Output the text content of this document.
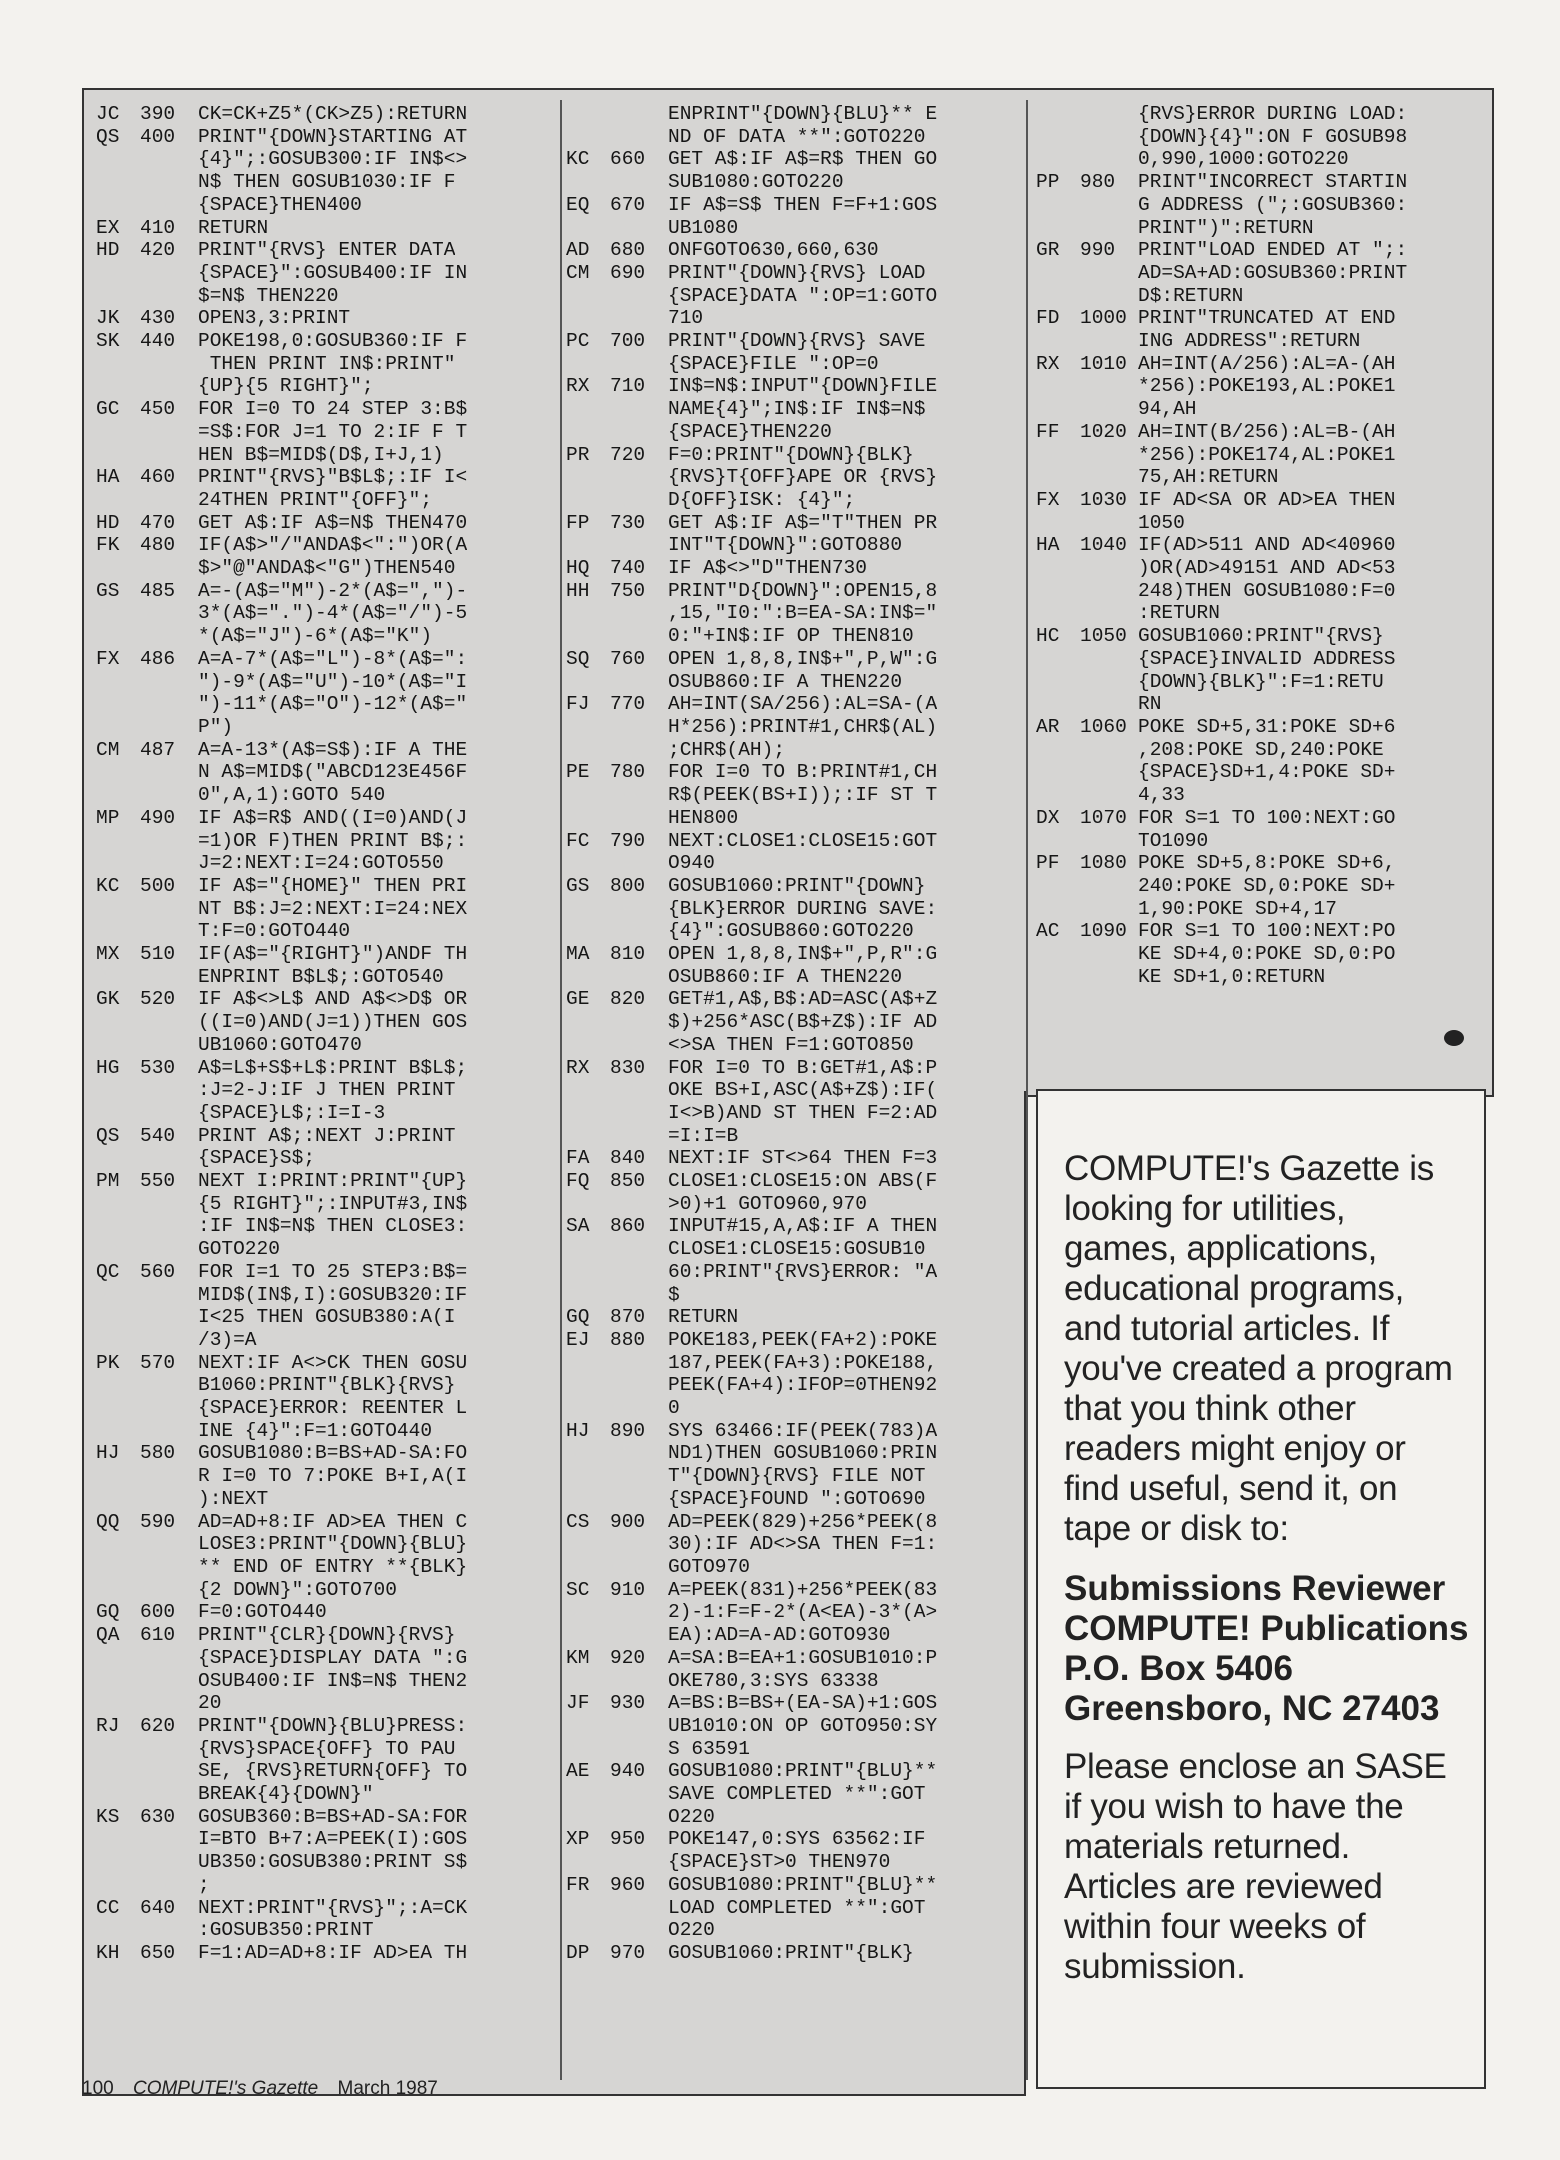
JC	390	CK=CK+Z5*(CK>Z5):RETURN
QS	400	PRINT"{DOWN}STARTING AT
{4}";:GOSUB300:IF IN$<>
N$ THEN GOSUB1030:IF F
{SPACE}THEN400
EX	410	RETURN
HD	420	PRINT"{RVS} ENTER DATA
{SPACE}":GOSUB400:IF IN
$=N$ THEN220
JK	430	OPEN3,3:PRINT
SK	440	POKE198,0:GOSUB360:IF F
THEN PRINT IN$:PRINT"
{UP}{5 RIGHT}";
GC	450	FOR I=0 TO 24 STEP 3:B$
=S$:FOR J=1 TO 2:IF F T
HEN B$=MID$(D$,I+J,1)
HA	460	PRINT"{RVS}"B$L$;:IF I<
24THEN PRINT"{OFF}";
HD	470	GET A$:IF A$=N$ THEN470
FK	480	IF(A$>"/"ANDA$<":")OR(A
$>"@"ANDA$<"G")THEN540
GS	485	A=-(A$="M")-2*(A$=",")-
3*(A$=".")-4*(A$="/")-5
*(A$="J")-6*(A$="K")
FX	486	A=A-7*(A$="L")-8*(A$=":
")-9*(A$="U")-10*(A$="I
")-11*(A$="O")-12*(A$="
P")
CM	487	A=A-13*(A$=S$):IF A THE
N A$=MID$("ABCD123E456F
0",A,1):GOTO 540
MP	490	IF A$=R$ AND((I=0)AND(J
=1)OR F)THEN PRINT B$;:
J=2:NEXT:I=24:GOTO550
KC	500	IF A$="{HOME}" THEN PRI
NT B$:J=2:NEXT:I=24:NEX
T:F=0:GOTO440
MX	510	IF(A$="{RIGHT}")ANDF TH
ENPRINT B$L$;:GOTO540
GK	520	IF A$<>L$ AND A$<>D$ OR
((I=0)AND(J=1))THEN GOS
UB1060:GOTO470
HG	530	A$=L$+S$+L$:PRINT B$L$;
:J=2-J:IF J THEN PRINT
{SPACE}L$;:I=I-3
QS	540	PRINT A$;:NEXT J:PRINT
{SPACE}S$;
PM	550	NEXT I:PRINT:PRINT"{UP}
{5 RIGHT}";:INPUT#3,IN$
:IF IN$=N$ THEN CLOSE3:
GOTO220
QC	560	FOR I=1 TO 25 STEP3:B$=
MID$(IN$,I):GOSUB320:IF
I<25 THEN GOSUB380:A(I
/3)=A
PK	570	NEXT:IF A<>CK THEN GOSU
B1060:PRINT"{BLK}{RVS}
{SPACE}ERROR: REENTER L
INE {4}":F=1:GOTO440
HJ	580	GOSUB1080:B=BS+AD-SA:FO
R I=0 TO 7:POKE B+I,A(I
):NEXT
QQ	590	AD=AD+8:IF AD>EA THEN C
LOSE3:PRINT"{DOWN}{BLU}
** END OF ENTRY **{BLK}
{2 DOWN}":GOTO700
GQ	600	F=0:GOTO440
QA	610	PRINT"{CLR}{DOWN}{RVS}
{SPACE}DISPLAY DATA ":G
OSUB400:IF IN$=N$ THEN2
20
RJ	620	PRINT"{DOWN}{BLU}PRESS:
{RVS}SPACE{OFF} TO PAU
SE, {RVS}RETURN{OFF} TO
BREAK{4}{DOWN}"
KS	630	GOSUB360:B=BS+AD-SA:FOR
I=BTO B+7:A=PEEK(I):GOS
UB350:GOSUB380:PRINT S$
;
CC	640	NEXT:PRINT"{RVS}";:A=CK
:GOSUB350:PRINT
KH	650	F=1:AD=AD+8:IF AD>EA TH
ENPRINT"{DOWN}{BLU}** E
ND OF DATA **":GOTO220
KC	660	GET A$:IF A$=R$ THEN GO
SUB1080:GOTO220
EQ	670	IF A$=S$ THEN F=F+1:GOS
UB1080
AD	680	ONFGOTO630,660,630
CM	690	PRINT"{DOWN}{RVS} LOAD
{SPACE}DATA ":OP=1:GOTO
710
PC	700	PRINT"{DOWN}{RVS} SAVE
{SPACE}FILE ":OP=0
RX	710	IN$=N$:INPUT"{DOWN}FILE
NAME{4}";IN$:IF IN$=N$
{SPACE}THEN220
PR	720	F=0:PRINT"{DOWN}{BLK}
{RVS}T{OFF}APE OR {RVS}
D{OFF}ISK: {4}";
FP	730	GET A$:IF A$="T"THEN PR
INT"T{DOWN}":GOTO880
HQ	740	IF A$<>"D"THEN730
HH	750	PRINT"D{DOWN}":OPEN15,8
,15,"I0:":B=EA-SA:IN$="
0:"+IN$:IF OP THEN810
SQ	760	OPEN 1,8,8,IN$+",P,W":G
OSUB860:IF A THEN220
FJ	770	AH=INT(SA/256):AL=SA-(A
H*256):PRINT#1,CHR$(AL)
;CHR$(AH);
PE	780	FOR I=0 TO B:PRINT#1,CH
R$(PEEK(BS+I));:IF ST T
HEN800
FC	790	NEXT:CLOSE1:CLOSE15:GOT
O940
GS	800	GOSUB1060:PRINT"{DOWN}
{BLK}ERROR DURING SAVE:
{4}":GOSUB860:GOTO220
MA	810	OPEN 1,8,8,IN$+",P,R":G
OSUB860:IF A THEN220
GE	820	GET#1,A$,B$:AD=ASC(A$+Z
$)+256*ASC(B$+Z$):IF AD
<>SA THEN F=1:GOTO850
RX	830	FOR I=0 TO B:GET#1,A$:P
OKE BS+I,ASC(A$+Z$):IF(
I<>B)AND ST THEN F=2:AD
=I:I=B
FA	840	NEXT:IF ST<>64 THEN F=3
FQ	850	CLOSE1:CLOSE15:ON ABS(F
>0)+1 GOTO960,970
SA	860	INPUT#15,A,A$:IF A THEN
CLOSE1:CLOSE15:GOSUB10
60:PRINT"{RVS}ERROR: "A
$
GQ	870	RETURN
EJ	880	POKE183,PEEK(FA+2):POKE
187,PEEK(FA+3):POKE188,
PEEK(FA+4):IFOP=0THEN92
0
HJ	890	SYS 63466:IF(PEEK(783)A
ND1)THEN GOSUB1060:PRIN
T"{DOWN}{RVS} FILE NOT
{SPACE}FOUND ":GOTO690
CS	900	AD=PEEK(829)+256*PEEK(8
30):IF AD<>SA THEN F=1:
GOTO970
SC	910	A=PEEK(831)+256*PEEK(83
2)-1:F=F-2*(A<EA)-3*(A>
EA):AD=A-AD:GOTO930
KM	920	A=SA:B=EA+1:GOSUB1010:P
OKE780,3:SYS 63338
JF	930	A=BS:B=BS+(EA-SA)+1:GOS
UB1010:ON OP GOTO950:SY
S 63591
AE	940	GOSUB1080:PRINT"{BLU}**
SAVE COMPLETED **":GOT
O220
XP	950	POKE147,0:SYS 63562:IF
{SPACE}ST>0 THEN970
FR	960	GOSUB1080:PRINT"{BLU}**
LOAD COMPLETED **":GOT
O220
DP	970	GOSUB1060:PRINT"{BLK}
{RVS}ERROR DURING LOAD:
{DOWN}{4}":ON F GOSUB98
0,990,1000:GOTO220
PP	980	PRINT"INCORRECT STARTIN
G ADDRESS (";:GOSUB360:
PRINT")":RETURN
GR	990	PRINT"LOAD ENDED AT ";:
AD=SA+AD:GOSUB360:PRINT
D$:RETURN
FD	1000 PRINT"TRUNCATED AT END
ING ADDRESS":RETURN
RX	1010 AH=INT(A/256):AL=A-(AH
*256):POKE193,AL:POKE1
94,AH
FF	1020 AH=INT(B/256):AL=B-(AH
*256):POKE174,AL:POKE1
75,AH:RETURN
FX	1030 IF AD<SA OR AD>EA THEN
1050
HA	1040 IF(AD>511 AND AD<40960
)OR(AD>49151 AND AD<53
248)THEN GOSUB1080:F=0
:RETURN
HC	1050 GOSUB1060:PRINT"{RVS}
{SPACE}INVALID ADDRESS
{DOWN}{BLK}":F=1:RETU
RN
AR	1060 POKE SD+5,31:POKE SD+6
,208:POKE SD,240:POKE
{SPACE}SD+1,4:POKE SD+
4,33
DX	1070 FOR S=1 TO 100:NEXT:GO
TO1090
PF	1080 POKE SD+5,8:POKE SD+6,
240:POKE SD,0:POKE SD+
1,90:POKE SD+4,17
AC	1090 FOR S=1 TO 100:NEXT:PO
KE SD+4,0:POKE SD,0:PO
KE SD+1,0:RETURN

COMPUTE!'s Gazette is looking for utilities, games, applications, educational programs, and tutorial articles. If you've created a program that you think other readers might enjoy or find useful, send it, on tape or disk to:

Submissions Reviewer
COMPUTE! Publications
P.O. Box 5406
Greensboro, NC 27403

Please enclose an SASE if you wish to have the materials returned. Articles are reviewed within four weeks of submission.

100 COMPUTE!'s Gazette March 1987
